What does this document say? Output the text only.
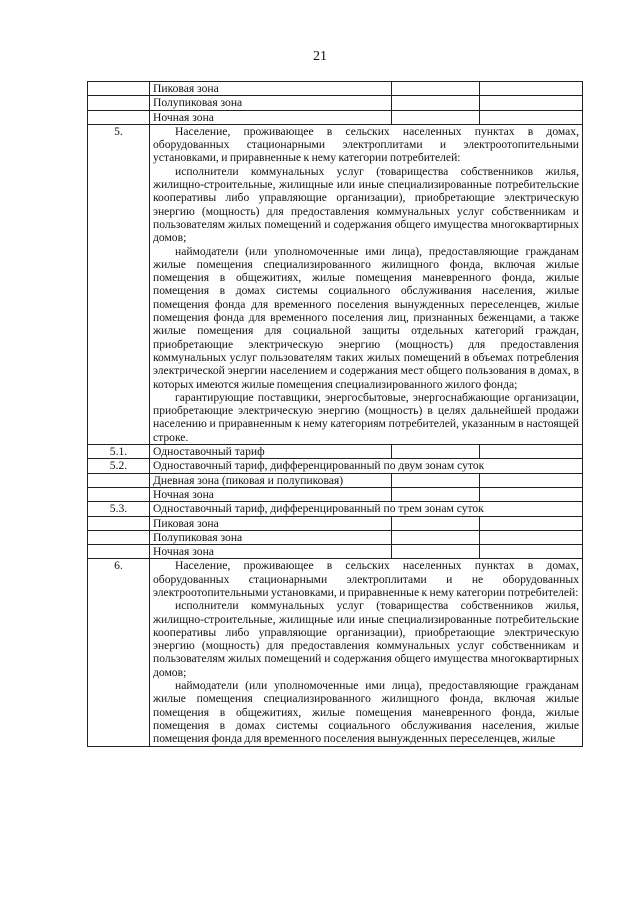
21
	Пиковая зона		
	Полупиковая зона		
	Ночная зона		
5.	Население, проживающее в сельских населенных пунктах в домах, оборудованных стационарными электроплитами и электроотопительными установками, и приравненные к нему категории потребителей:

исполнители коммунальных услуг (товарищества собственников жилья, жилищно-строительные, жилищные или иные специализированные потребительские кооперативы либо управляющие организации), приобретающие электрическую энергию (мощность) для предоставления коммунальных услуг собственникам и пользователям жилых помещений и содержания общего имущества многоквартирных домов;

наймодатели (или уполномоченные ими лица), предоставляющие гражданам жилые помещения специализированного жилищного фонда, включая жилые помещения в общежитиях, жилые помещения маневренного фонда, жилые помещения в домах системы социального обслуживания населения, жилые помещения фонда для временного поселения вынужденных переселенцев, жилые помещения фонда для временного поселения лиц, признанных беженцами, а также жилые помещения для социальной защиты отдельных категорий граждан, приобретающие электрическую энергию (мощность) для предоставления коммунальных услуг пользователям таких жилых помещений в объемах потребления электрической энергии населением и содержания мест общего пользования в домах, в которых имеются жилые помещения специализированного жилого фонда;

гарантирующие поставщики, энергосбытовые, энергоснабжающие организации, приобретающие электрическую энергию (мощность) в целях дальнейшей продажи населению и приравненным к нему категориям потребителей, указанным в настоящей строке.		

5.1.	Одноставочный тариф		
5.2.	Одноставочный тариф, дифференцированный по двум зонам суток		
	Дневная зона (пиковая и полупиковая)		
	Ночная зона		
5.3.	Одноставочный тариф, дифференцированный по трем зонам суток		
	Пиковая зона		
	Полупиковая зона		
	Ночная зона		
6.	Население, проживающее в сельских населенных пунктах в домах, оборудованных стационарными электроплитами и не оборудованных электроотопительными установками, и приравненные к нему категории потребителей:

исполнители коммунальных услуг (товарищества собственников жилья, жилищно-строительные, жилищные или иные специализированные потребительские кооперативы либо управляющие организации), приобретающие электрическую энергию (мощность) для предоставления коммунальных услуг собственникам и пользователям жилых помещений и содержания общего имущества многоквартирных домов;

наймодатели (или уполномоченные ими лица), предоставляющие гражданам жилые помещения специализированного жилищного фонда, включая жилые помещения в общежитиях, жилые помещения маневренного фонда, жилые помещения в домах системы социального обслуживания населения, жилые помещения фонда для временного поселения вынужденных переселенцев, жилые		
